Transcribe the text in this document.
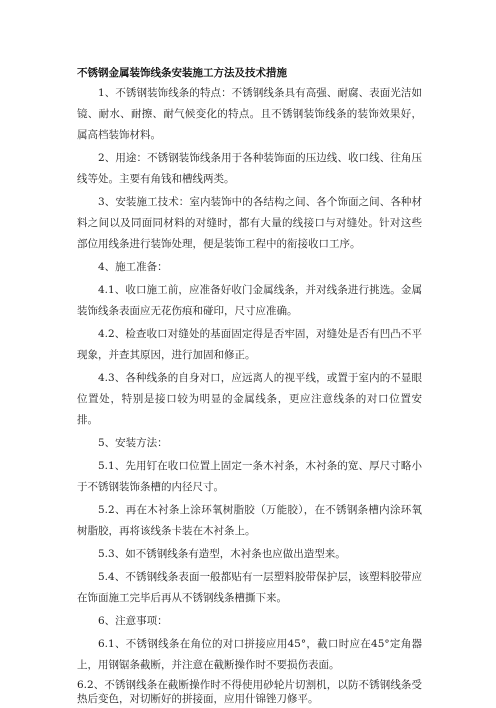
不锈钢金属装饰线条安装施工方法及技术措施

1、不锈钢装饰线条的特点：不锈钢线条具有高强、耐腐、表面光洁如镜、耐水、耐擦、耐气候变化的特点。且不锈钢装饰线条的装饰效果好，属高档装饰材料。

2、用途：不锈钢装饰线条用于各种装饰面的压边线、收口线、往角压线等处。主要有角钱和槽线两类。

3、安装施工技术：室内装饰中的各结构之间、各个饰面之间、各种材料之间以及同面同材料的对缝时，都有大量的线接口与对缝处。针对这些部位用线条进行装饰处理，便是装饰工程中的衔接收口工序。

4、施工准备：

4.1、收口施工前，应准备好收门金属线条，并对线条进行挑选。金属装饰线条表面应无花伤痕和碰印，尺寸应准确。

4.2、检查收口对缝处的基面固定得是否牢固，对缝处是否有凹凸不平现象，并查其原因，进行加固和修正。

4.3、各种线条的自身对口，应远离人的视平线，或置于室内的不显眼位置处，特别是接口较为明显的金属线条，更应注意线条的对口位置安排。

5、安装方法：

5.1、先用钉在收口位置上固定一条木衬条，木衬条的宽、厚尺寸略小于不锈钢装饰条槽的内径尺寸。

5.2、再在木衬条上涂环氧树脂胶（万能胶），在不锈钢条槽内涂环氧树脂胶，再将该线条卡装在木衬条上。

5.3、如不锈钢线条有造型，木衬条也应做出造型来。

5.4、不锈钢线条表面一般都贴有一层塑料胶带保护层，该塑料胶带应在饰面施工完毕后再从不锈钢线条槽撕下来。

6、注意事项：

6.1、不锈钢线条在角位的对口拼接应用45°，截口时应在45°定角器上，用钢锯条截断，并注意在截断操作时不要损伤表面。

6.2、不锈钢线条在截断操作时不得使用砂轮片切割机，以防不锈钢线条受热后变色，对切断好的拼接面，应用什锦锉刀修平。
